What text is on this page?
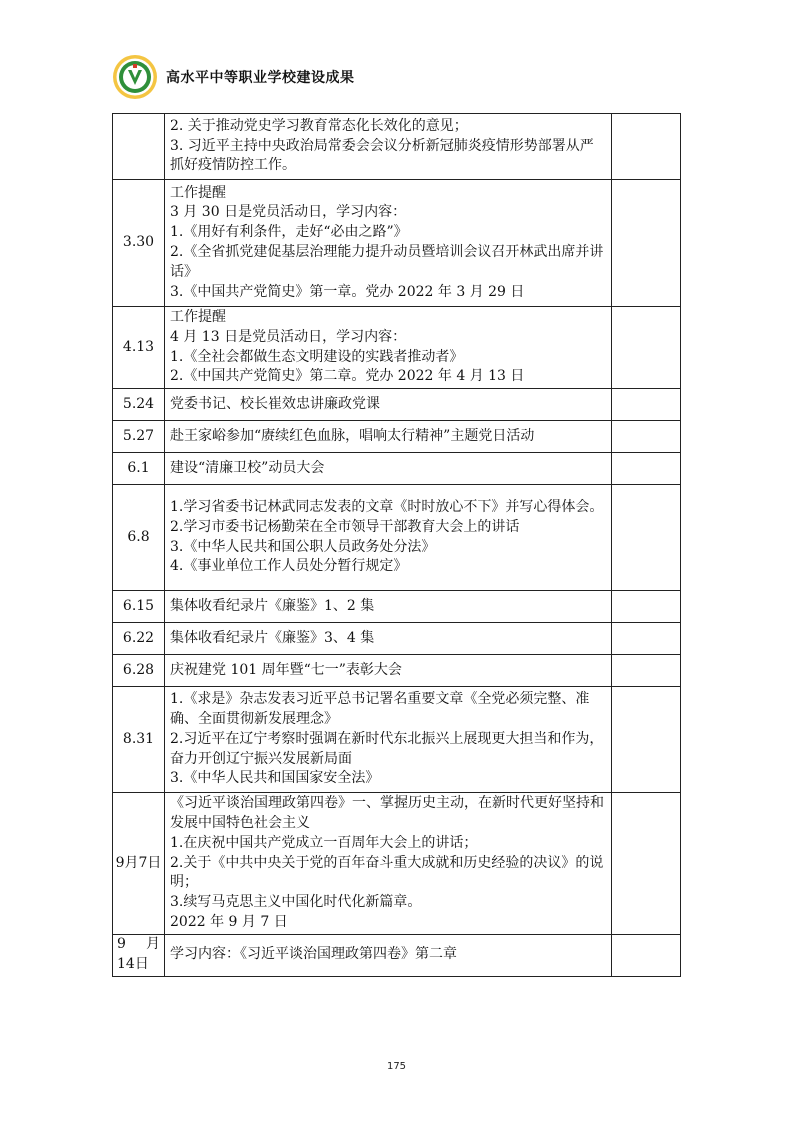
高水平中等职业学校建设成果

	2. 关于推动党史学习教育常态化长效化的意见；
3. 习近平主持中央政治局常委会会议分析新冠肺炎疫情形势部署从严抓好疫情防控工作。	

3.30	工作提醒
3 月 30 日是党员活动日，学习内容：
1.《用好有利条件，走好“必由之路”》
2.《全省抓党建促基层治理能力提升动员暨培训会议召开林武出席并讲话》
3.《中国共产党简史》第一章。党办 2022 年 3 月 29 日	

4.13	工作提醒
4 月 13 日是党员活动日，学习内容：
1.《全社会都做生态文明建设的实践者推动者》
2.《中国共产党简史》第二章。党办 2022 年 4 月 13 日	

5.24	党委书记、校长崔效忠讲廉政党课	

5.27	赴王家峪参加“赓续红色血脉，唱响太行精神”主题党日活动	

6.1	建设“清廉卫校”动员大会	

6.8	1.学习省委书记林武同志发表的文章《时时放心不下》并写心得体会。
2.学习市委书记杨勤荣在全市领导干部教育大会上的讲话
3.《中华人民共和国公职人员政务处分法》
4.《事业单位工作人员处分暂行规定》	

6.15	集体收看纪录片《廉鉴》1、2 集	

6.22	集体收看纪录片《廉鉴》3、4 集	

6.28	庆祝建党 101 周年暨“七一”表彰大会	

8.31	1.《求是》杂志发表习近平总书记署名重要文章《全党必须完整、准确、全面贯彻新发展理念》
2.习近平在辽宁考察时强调在新时代东北振兴上展现更大担当和作为，奋力开创辽宁振兴发展新局面
3.《中华人民共和国国家安全法》	

9月7日	《习近平谈治国理政第四卷》一、掌握历史主动，在新时代更好坚持和发展中国特色社会主义
1.在庆祝中国共产党成立一百周年大会上的讲话；
2.关于《中共中央关于党的百年奋斗重大成就和历史经验的决议》的说明；
3.续写马克思主义中国化时代化新篇章。
2022 年 9 月 7 日	

9 月
14日	学习内容：《习近平谈治国理政第四卷》第二章	

175
